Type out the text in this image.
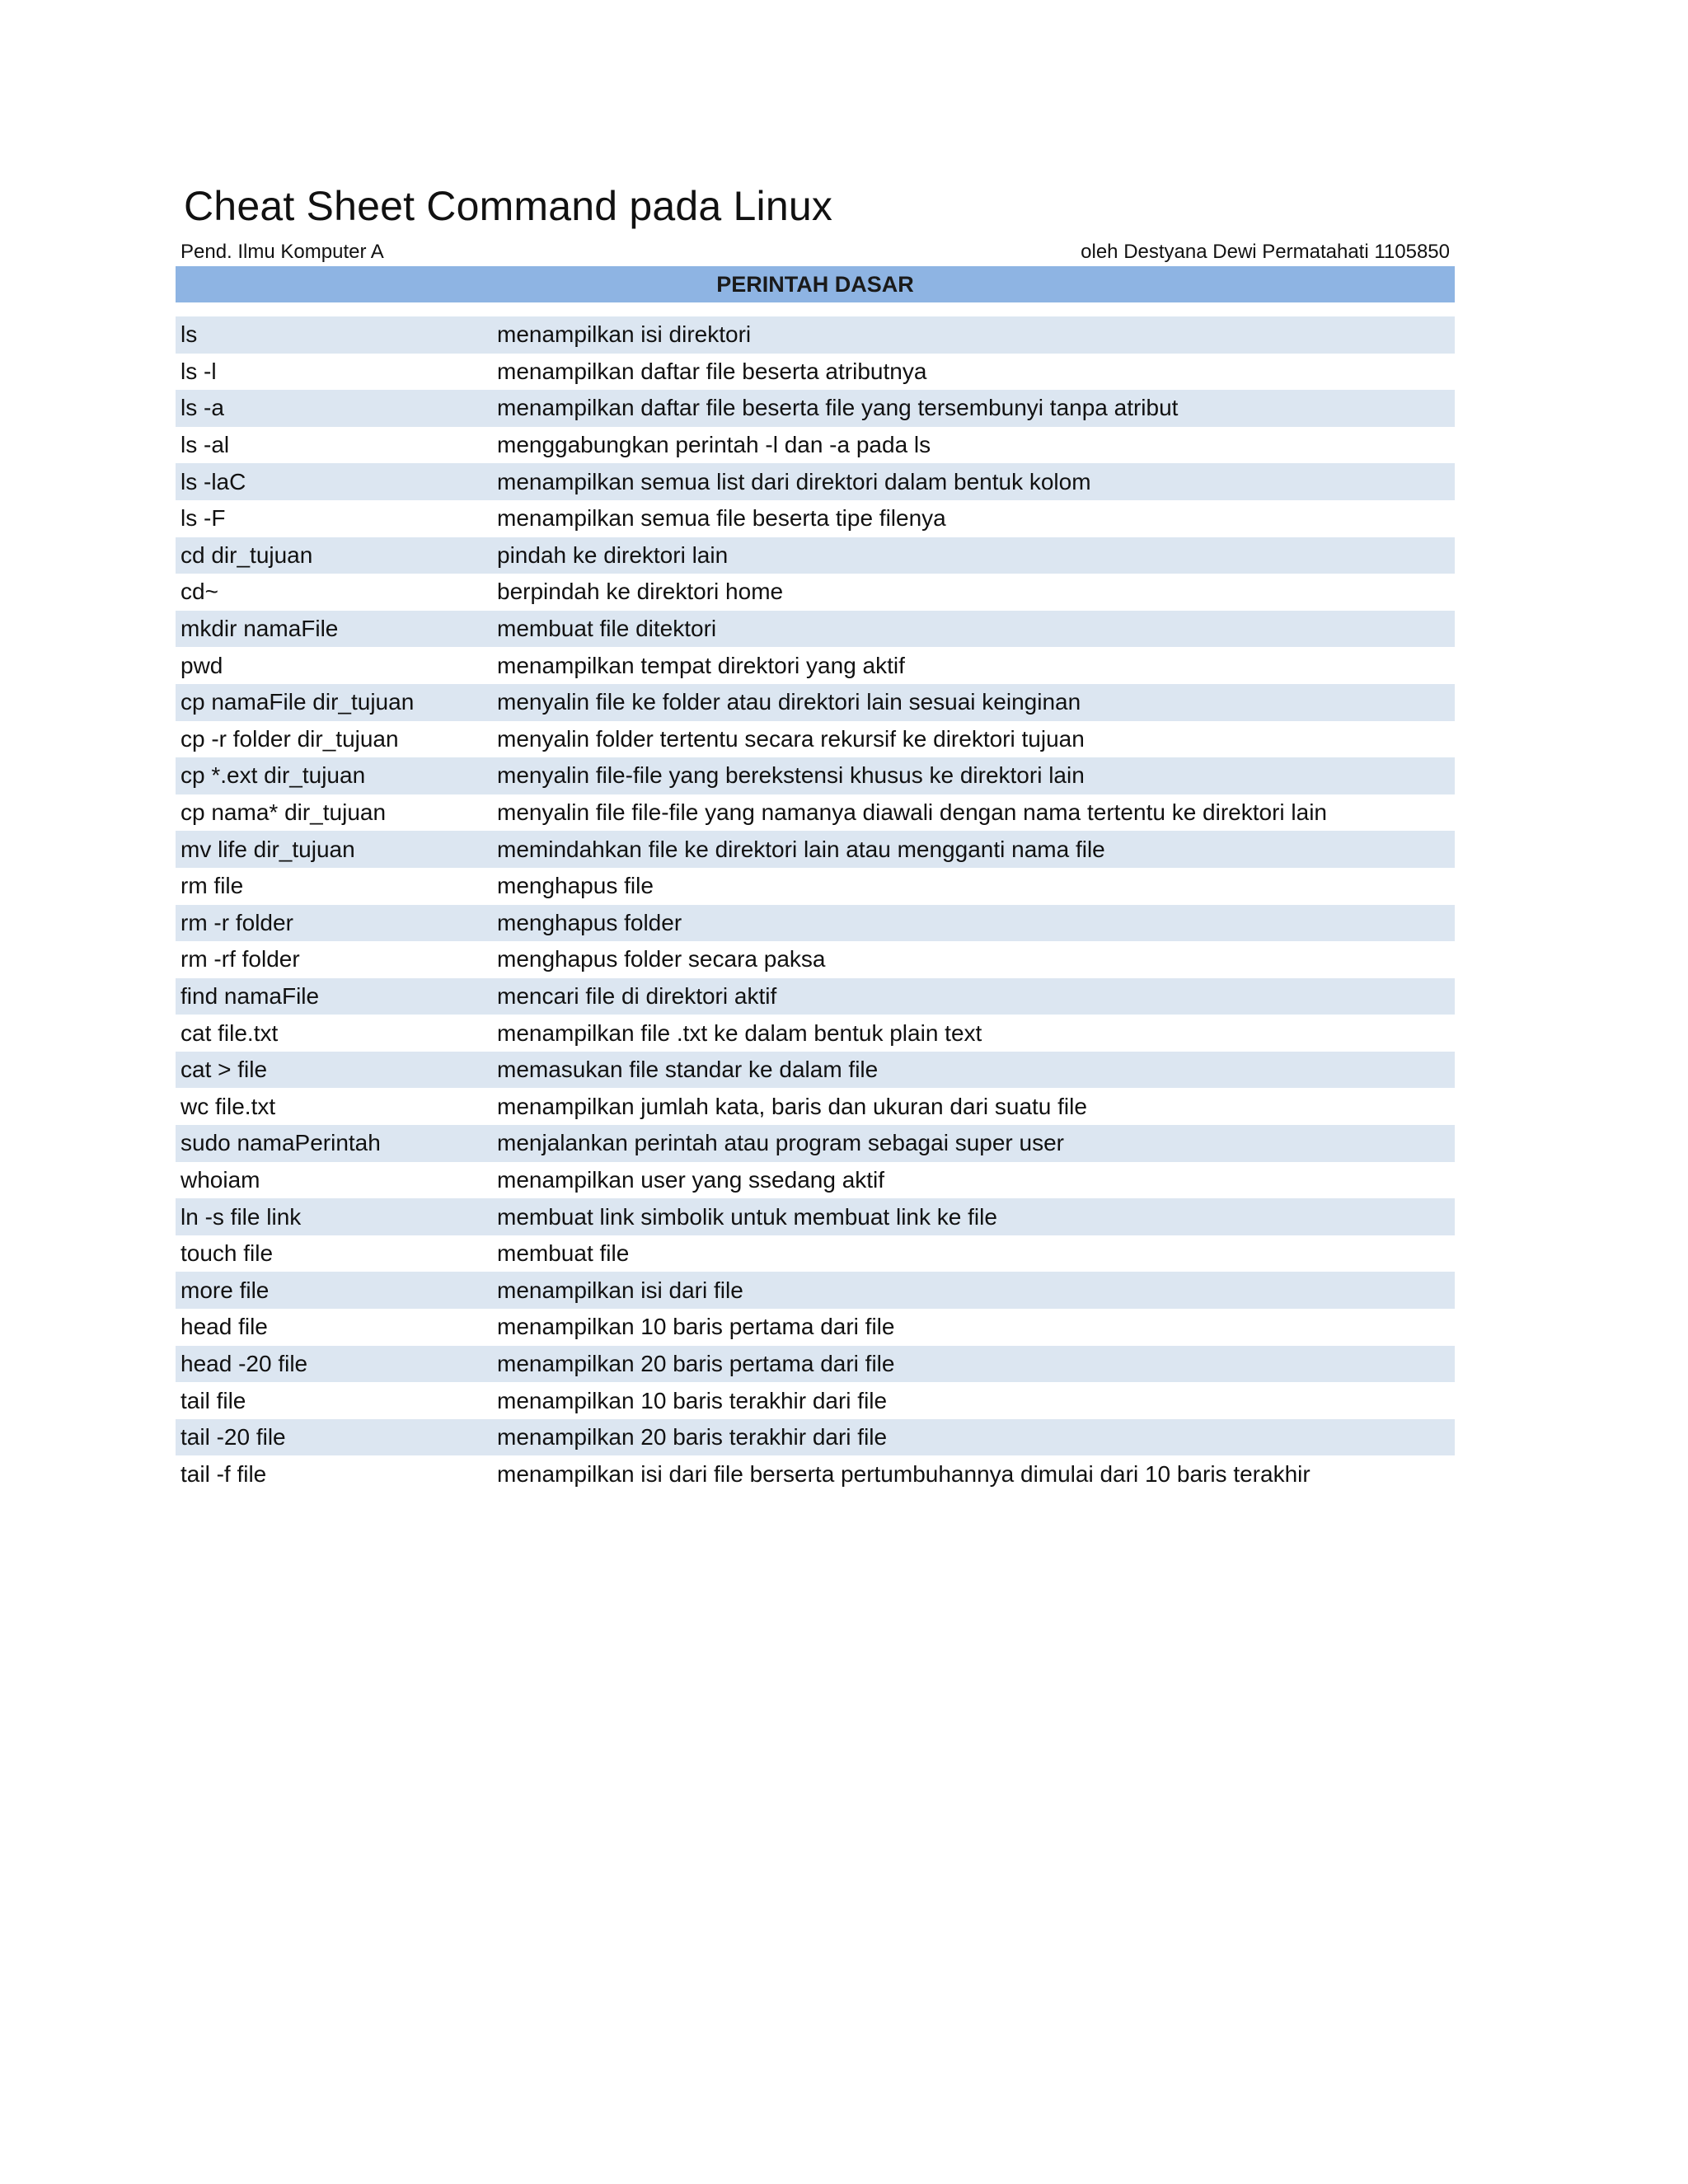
Cheat Sheet Command pada Linux
Pend. Ilmu Komputer A	oleh Destyana Dewi Permatahati 1105850
PERINTAH DASAR
ls	menampilkan isi direktori
ls -l	menampilkan daftar file beserta atributnya
ls -a	menampilkan daftar file beserta file yang tersembunyi tanpa atribut
ls -al	menggabungkan perintah -l dan -a pada ls
ls -laC	menampilkan semua list dari direktori dalam bentuk kolom
ls -F	menampilkan semua file beserta tipe filenya
cd dir_tujuan	pindah ke direktori lain
cd~	berpindah ke direktori home
mkdir namaFile	membuat file ditektori
pwd	menampilkan tempat direktori yang aktif
cp namaFile dir_tujuan	menyalin file ke folder atau direktori lain sesuai keinginan
cp -r folder dir_tujuan	menyalin folder tertentu secara rekursif ke direktori tujuan
cp *.ext dir_tujuan	menyalin file-file yang berekstensi khusus ke direktori lain
cp nama* dir_tujuan	menyalin file file-file yang namanya diawali dengan nama tertentu ke direktori lain
mv life dir_tujuan	memindahkan file ke direktori lain atau mengganti nama file
rm file	menghapus file
rm -r folder	menghapus folder
rm -rf folder	menghapus folder secara paksa
find namaFile	mencari file di direktori aktif
cat file.txt	menampilkan file .txt ke dalam bentuk plain text
cat > file	memasukan file standar ke dalam file
wc file.txt	menampilkan jumlah kata, baris dan ukuran dari suatu file
sudo namaPerintah	menjalankan perintah atau program sebagai super user
whoiam	menampilkan user yang ssedang aktif
ln -s file link	membuat link simbolik untuk membuat link ke file
touch file	membuat file
more file	menampilkan isi dari file
head file	menampilkan 10 baris pertama dari file
head -20 file	menampilkan 20 baris pertama dari file
tail file	menampilkan 10 baris terakhir dari file
tail -20 file	menampilkan 20 baris terakhir dari file
tail -f file	menampilkan isi dari file berserta pertumbuhannya dimulai dari 10 baris terakhir
